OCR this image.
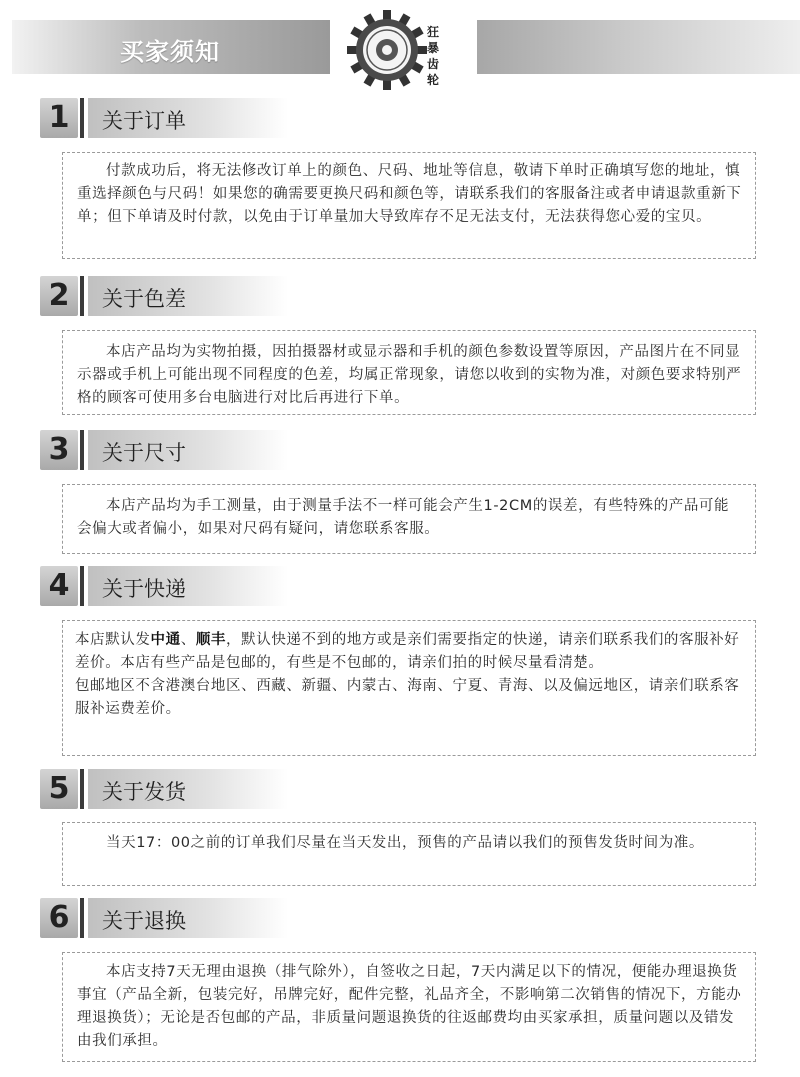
买家须知
狂暴齿轮
1	关于订单

付款成功后，将无法修改订单上的颜色、尺码、地址等信息，敬请下单时正确填写您的地址，慎重选择颜色与尺码！如果您的确需要更换尺码和颜色等，请联系我们的客服备注或者申请退款重新下单；但下单请及时付款，以免由于订单量加大导致库存不足无法支付，无法获得您心爱的宝贝。

2	关于色差

本店产品均为实物拍摄，因拍摄器材或显示器和手机的颜色参数设置等原因，产品图片在不同显示器或手机上可能出现不同程度的色差，均属正常现象，请您以收到的实物为准，对颜色要求特别严格的顾客可使用多台电脑进行对比后再进行下单。

3	关于尺寸

本店产品均为手工测量，由于测量手法不一样可能会产生1-2CM的误差，有些特殊的产品可能会偏大或者偏小，如果对尺码有疑问，请您联系客服。

4	关于快递

本店默认发中通、顺丰，默认快递不到的地方或是亲们需要指定的快递，请亲们联系我们的客服补好差价。本店有些产品是包邮的，有些是不包邮的，请亲们拍的时候尽量看清楚。

包邮地区不含港澳台地区、西藏、新疆、内蒙古、海南、宁夏、青海、以及偏远地区，请亲们联系客服补运费差价。

5	关于发货

当天17：00之前的订单我们尽量在当天发出，预售的产品请以我们的预售发货时间为准。

6	关于退换

本店支持7天无理由退换（排气除外），自签收之日起，7天内满足以下的情况，便能办理退换货事宜（产品全新，包装完好，吊牌完好，配件完整，礼品齐全，不影响第二次销售的情况下，方能办理退换货）；无论是否包邮的产品，非质量问题退换货的往返邮费均由买家承担，质量问题以及错发由我们承担。
